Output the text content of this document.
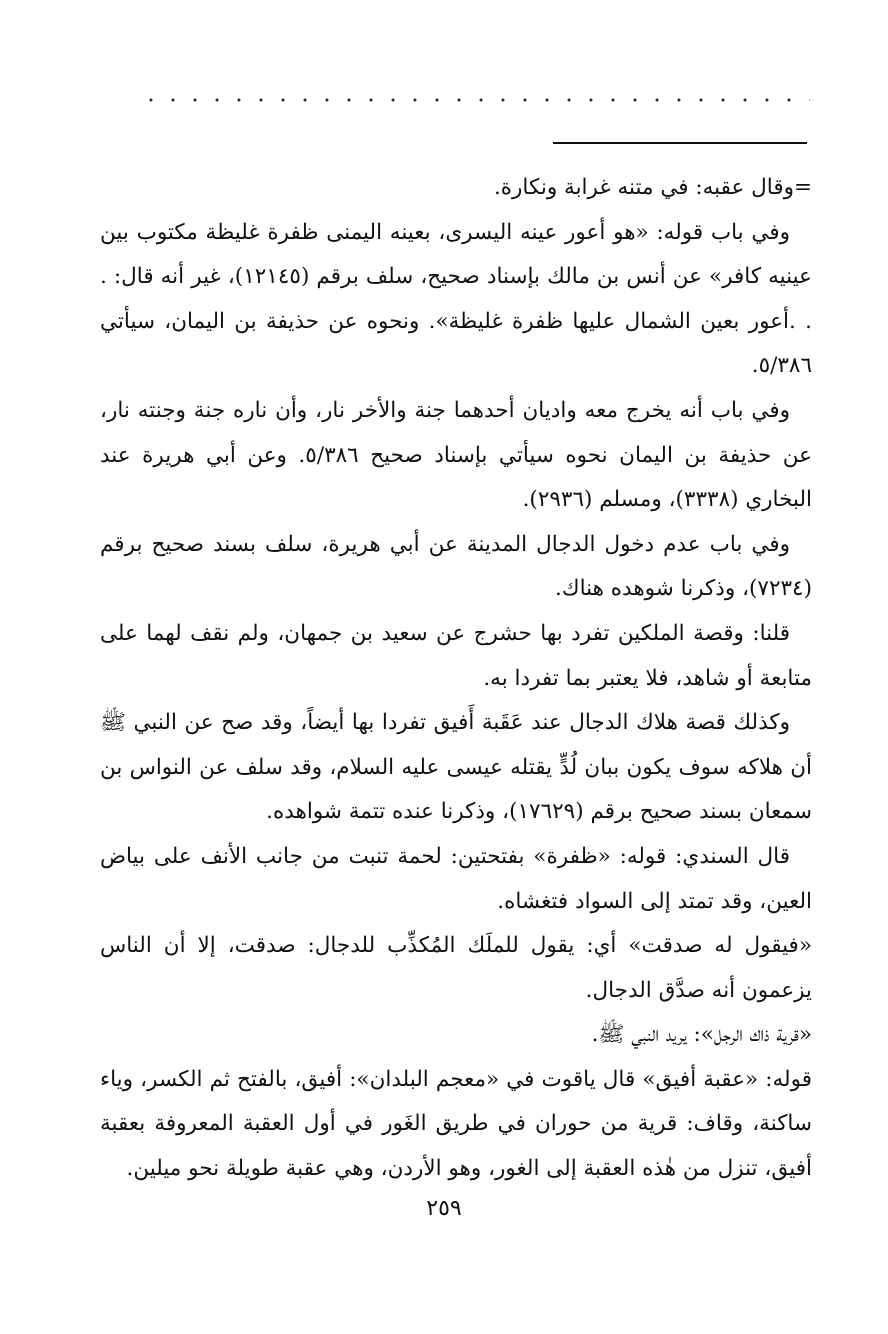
=وقال عقبه: في متنه غرابة ونكارة.

وفي باب قوله: «هو أعور عينه اليسرى، بعينه اليمنى ظفرة غليظة مكتوب بين عينيه كافر» عن أنس بن مالك بإسناد صحيح، سلف برقم (١٢١٤٥)، غير أنه قال: . . .أعور بعين الشمال عليها ظفرة غليظة». ونحوه عن حذيفة بن اليمان، سيأتي ٥/٣٨٦.

وفي باب أنه يخرج معه واديان أحدهما جنة والأخر نار، وأن ناره جنة وجنته نار، عن حذيفة بن اليمان نحوه سيأتي بإسناد صحيح ٥/٣٨٦. وعن أبي هريرة عند البخاري (٣٣٣٨)، ومسلم (٢٩٣٦).

وفي باب عدم دخول الدجال المدينة عن أبي هريرة، سلف بسند صحيح برقم (٧٢٣٤)، وذكرنا شوهده هناك.

قلنا: وقصة الملكين تفرد بها حشرج عن سعيد بن جمهان، ولم نقف لهما على متابعة أو شاهد، فلا يعتبر بما تفردا به.

وكذلك قصة هلاك الدجال عند عَقَبة أَفيق تفردا بها أيضاً، وقد صح عن النبي ﷺ أن هلاكه سوف يكون ببان لُدٍّ يقتله عيسى عليه السلام، وقد سلف عن النواس بن سمعان بسند صحيح برقم (١٧٦٢٩)، وذكرنا عنده تتمة شواهده.

قال السندي: قوله: «ظفرة» بفتحتين: لحمة تنبت من جانب الأنف على بياض العين، وقد تمتد إلى السواد فتغشاه.

«فيقول له صدقت» أي: يقول للملَك المُكذِّب للدجال: صدقت، إلا أن الناس يزعمون أنه صدَّق الدجال.

«قرية ذاك الرجل»: يريد النبي ﷺ.

قوله: «عقبة أفيق» قال ياقوت في «معجم البلدان»: أفيق، بالفتح ثم الكسر، وياء ساكنة، وقاف: قرية من حوران في طريق الغَور في أول العقبة المعروفة بعقبة أفيق، تنزل من هٰذه العقبة إلى الغور، وهو الأردن، وهي عقبة طويلة نحو ميلين.

٢٥٩
